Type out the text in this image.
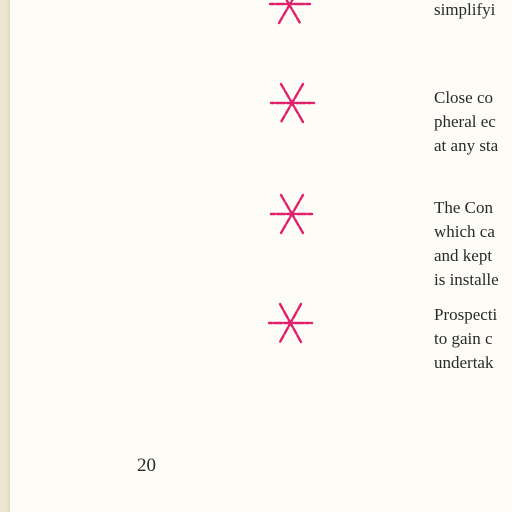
simplifyi

Close co
pheral ec
at any sta

The Con
which ca
and kept
is installe

Prospecti
to gain c
undertak

20
